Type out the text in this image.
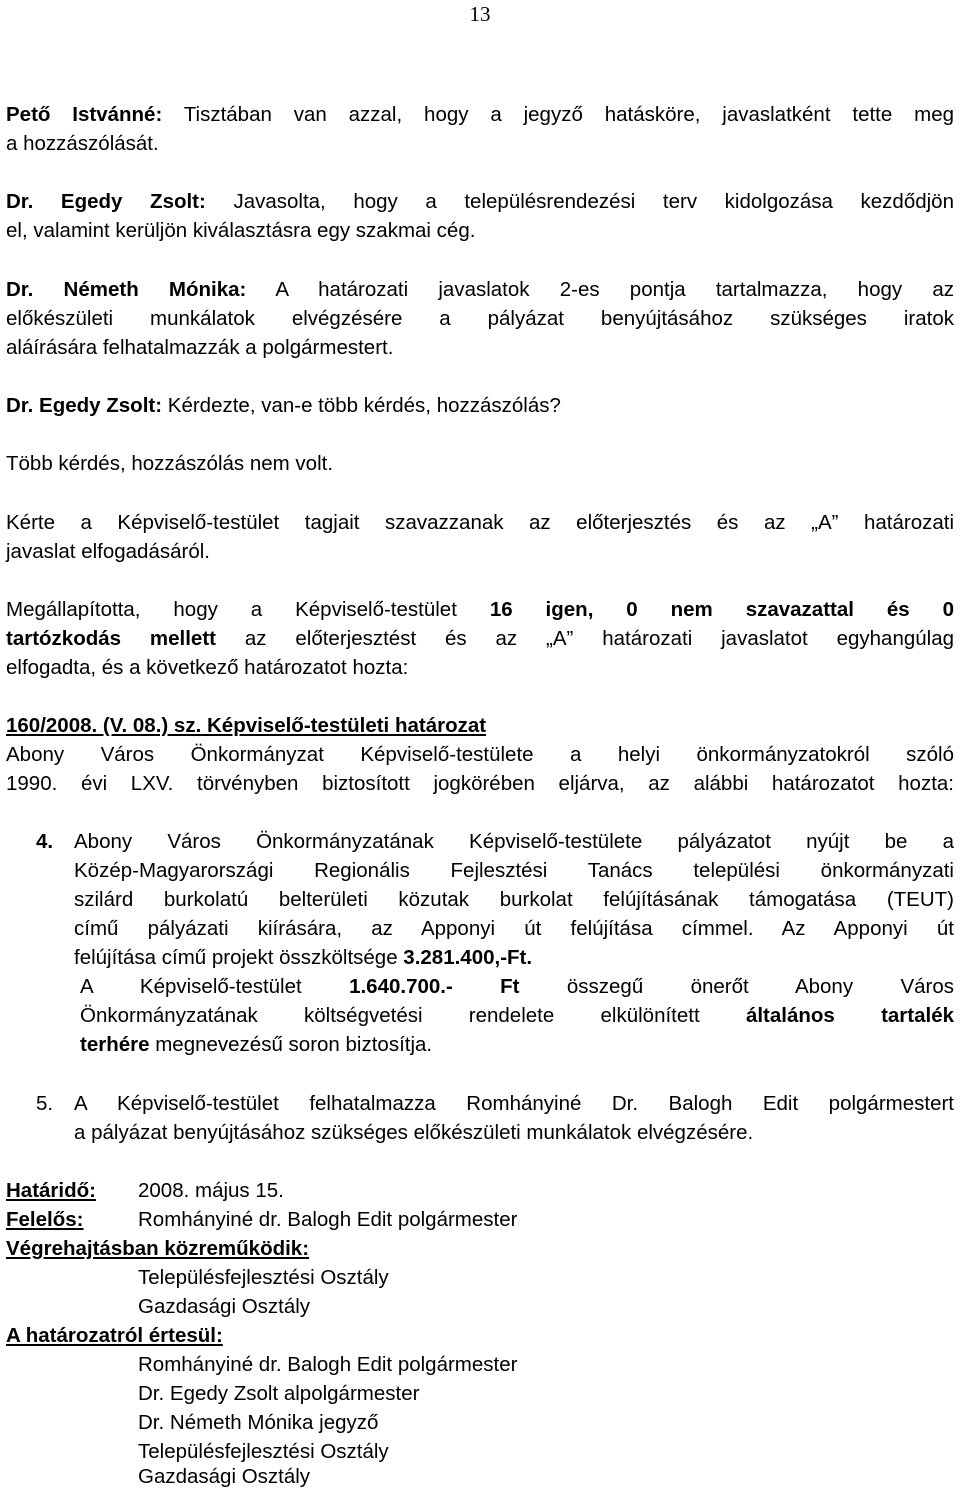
13
Pető Istvánné: Tisztában van azzal, hogy a jegyző hatásköre, javaslatként tette meg
a hozzászólását.
Dr. Egedy Zsolt: Javasolta, hogy a településrendezési terv kidolgozása kezdődjön
el, valamint kerüljön kiválasztásra egy szakmai cég.
Dr. Németh Mónika: A határozati javaslatok 2-es pontja tartalmazza, hogy az
előkészületi munkálatok elvégzésére a pályázat benyújtásához szükséges iratok
aláírására felhatalmazzák a polgármestert.
Dr. Egedy Zsolt: Kérdezte, van-e több kérdés, hozzászólás?
Több kérdés, hozzászólás nem volt.
Kérte a Képviselő-testület tagjait szavazzanak az előterjesztés és az „A” határozati
javaslat elfogadásáról.
Megállapította, hogy a Képviselő-testület 16 igen, 0 nem szavazattal és 0
tartózkodás mellett az előterjesztést és az „A” határozati javaslatot egyhangúlag
elfogadta, és a következő határozatot hozta:
160/2008. (V. 08.) sz. Képviselő-testületi határozat
Abony Város Önkormányzat Képviselő-testülete a helyi önkormányzatokról szóló
1990. évi LXV. törvényben biztosított jogkörében eljárva, az alábbi határozatot hozta:
4. Abony Város Önkormányzatának Képviselő-testülete pályázatot nyújt be a
Közép-Magyarországi Regionális Fejlesztési Tanács települési önkormányzati
szilárd burkolatú belterületi közutak burkolat felújításának támogatása (TEUT)
című pályázati kiírására, az Apponyi út felújítása címmel. Az Apponyi út
felújítása című projekt összköltsége 3.281.400,-Ft.
A Képviselő-testület 1.640.700.- Ft összegű önerőt Abony Város
Önkormányzatának költségvetési rendelete elkülönített általános tartalék
terhére megnevezésű soron biztosítja.
5. A Képviselő-testület felhatalmazza Romhányiné Dr. Balogh Edit polgármestert
a pályázat benyújtásához szükséges előkészületi munkálatok elvégzésére.
Határidő: 2008. május 15.
Felelős:	Romhányiné dr. Balogh Edit polgármester
Végrehajtásban közreműködik:
Településfejlesztési Osztály
Gazdasági Osztály
A határozatról értesül:
Romhányiné dr. Balogh Edit polgármester
Dr. Egedy Zsolt alpolgármester
Dr. Németh Mónika jegyző
Településfejlesztési Osztály
Gazdasági Osztály
